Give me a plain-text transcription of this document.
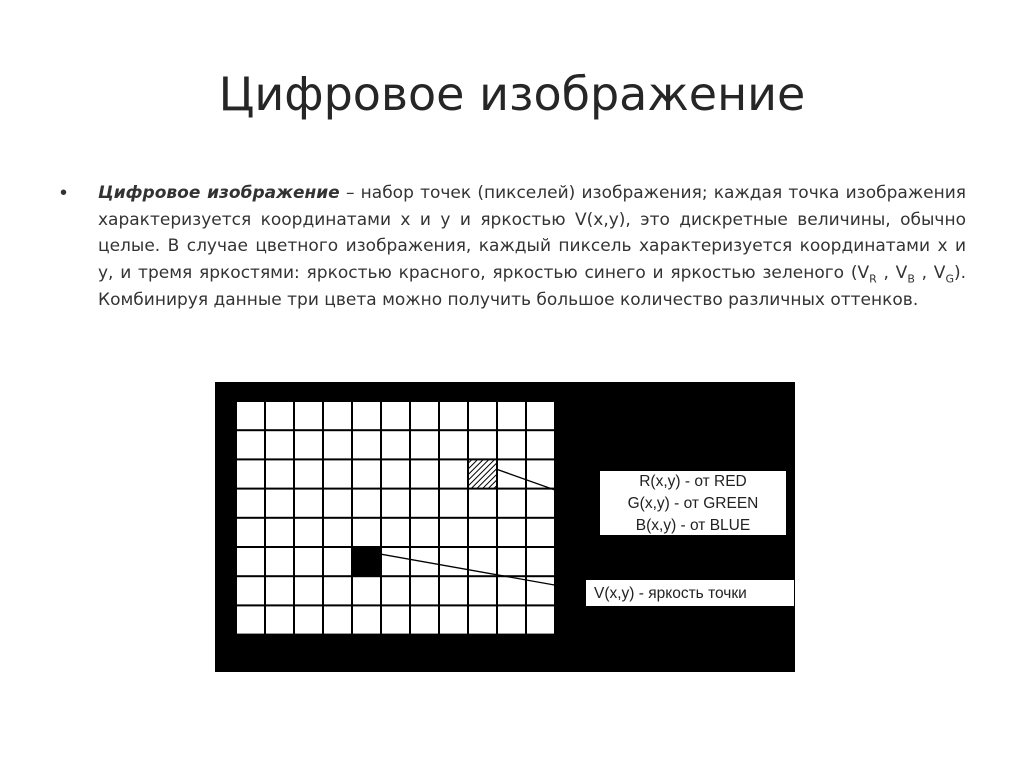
Цифровое изображение
• Цифровое изображение – набор точек (пикселей) изображения; каждая точка изображения характеризуется координатами x и y и яркостью V(x,y), это дискретные величины, обычно целые. В случае цветного изображения, каждый пиксель характеризуется координатами x и y, и тремя яркостями: яркостью красного, яркостью синего и яркостью зеленого ($V_R$ , $V_B$ , $V_G$). Комбинируя данные три цвета можно получить большое количество различных оттенков.
R(x,y) - от RED
G(x,y) - от GREEN
B(x,y) - от BLUE
V(x,y) - яркость точки
